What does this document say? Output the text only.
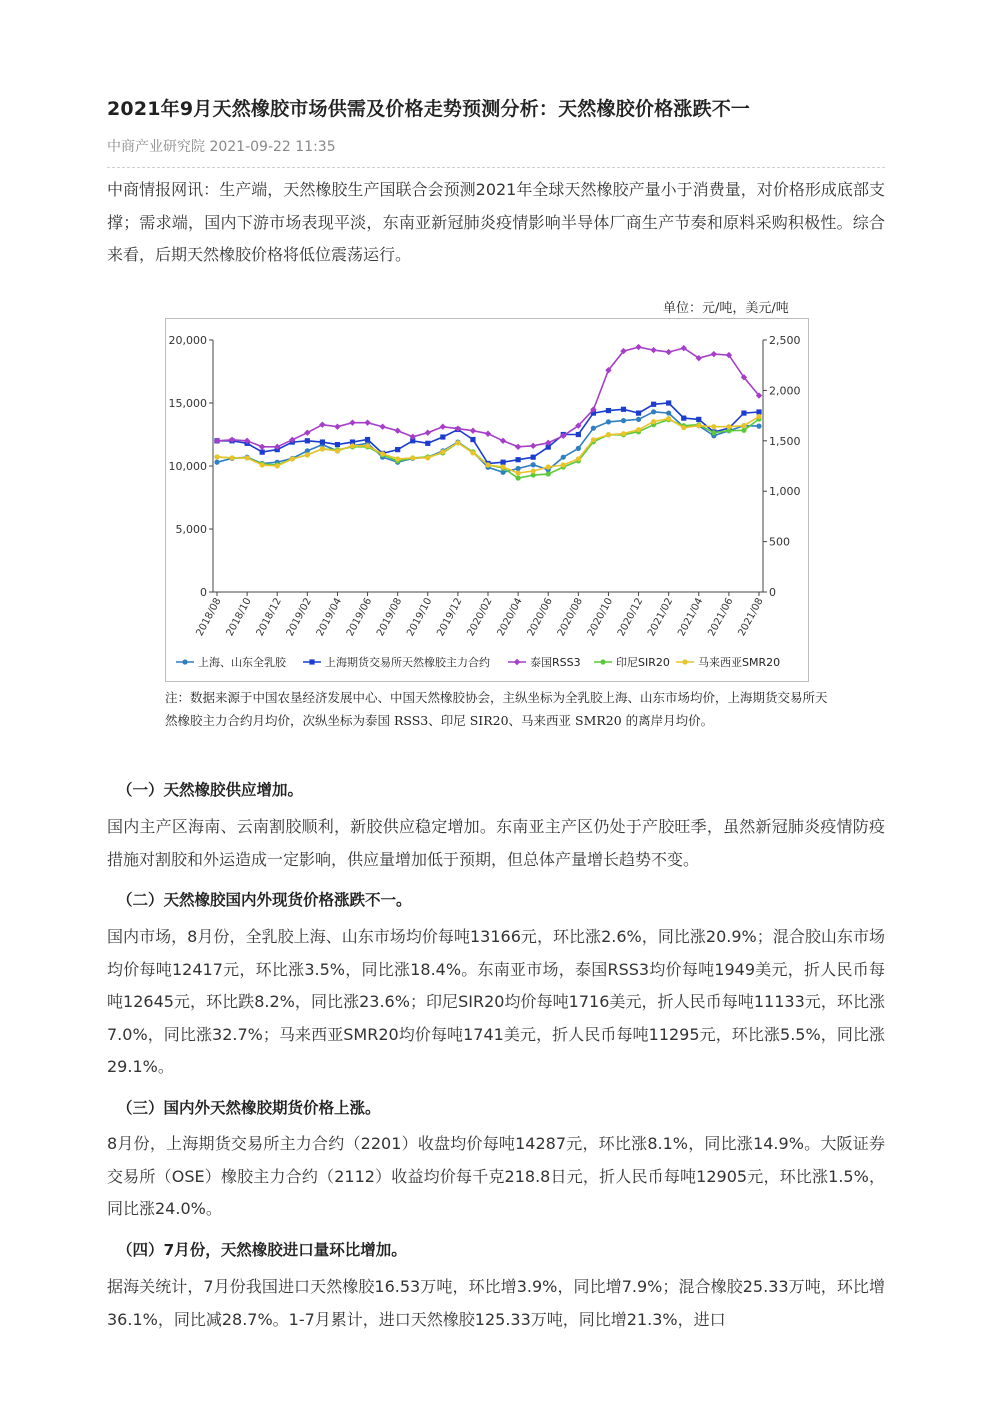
2021年9月天然橡胶市场供需及价格走势预测分析：天然橡胶价格涨跌不一
中商产业研究院 2021-09-22 11:35
中商情报网讯：生产端，天然橡胶生产国联合会预测2021年全球天然橡胶产量小于消费量，对价格形成底部支撑；需求端，国内下游市场表现平淡，东南亚新冠肺炎疫情影响半导体厂商生产节奏和原料采购积极性。综合来看，后期天然橡胶价格将低位震荡运行。
单位：元/吨，美元/吨
0
5,000
10,000
15,000
20,000
0
500
1,000
1,500
2,000
2,500
2018/08 2018/10 2018/12 2019/02 2019/04 2019/06 2019/08 2019/10 2019/12 2020/02 2020/04 2020/06 2020/08 2020/10 2020/12 2021/02 2021/04 2021/06 2021/08
上海、山东全乳胶	上海期货交易所天然橡胶主力合约	泰国RSS3	印尼SIR20	马来西亚SMR20
注：数据来源于中国农垦经济发展中心、中国天然橡胶协会，主纵坐标为全乳胶上海、山东市场均价，上海期货交易所天然橡胶主力合约月均价，次纵坐标为泰国 RSS3、印尼 SIR20、马来西亚 SMR20 的离岸月均价。
（一）天然橡胶供应增加。
国内主产区海南、云南割胶顺利，新胶供应稳定增加。东南亚主产区仍处于产胶旺季，虽然新冠肺炎疫情防疫措施对割胶和外运造成一定影响，供应量增加低于预期，但总体产量增长趋势不变。
（二）天然橡胶国内外现货价格涨跌不一。
国内市场，8月份，全乳胶上海、山东市场均价每吨13166元，环比涨2.6%，同比涨20.9%；混合胶山东市场均价每吨12417元，环比涨3.5%，同比涨18.4%。东南亚市场，泰国RSS3均价每吨1949美元，折人民币每吨12645元，环比跌8.2%，同比涨23.6%；印尼SIR20均价每吨1716美元，折人民币每吨11133元，环比涨7.0%，同比涨32.7%；马来西亚SMR20均价每吨1741美元，折人民币每吨11295元，环比涨5.5%，同比涨29.1%。
（三）国内外天然橡胶期货价格上涨。
8月份，上海期货交易所主力合约（2201）收盘均价每吨14287元，环比涨8.1%，同比涨14.9%。大阪证券交易所（OSE）橡胶主力合约（2112）收益均价每千克218.8日元，折人民币每吨12905元，环比涨1.5%，同比涨24.0%。
（四）7月份，天然橡胶进口量环比增加。
据海关统计，7月份我国进口天然橡胶16.53万吨，环比增3.9%，同比增7.9%；混合橡胶25.33万吨，环比增36.1%，同比减28.7%。1-7月累计，进口天然橡胶125.33万吨，同比增21.3%，进口
